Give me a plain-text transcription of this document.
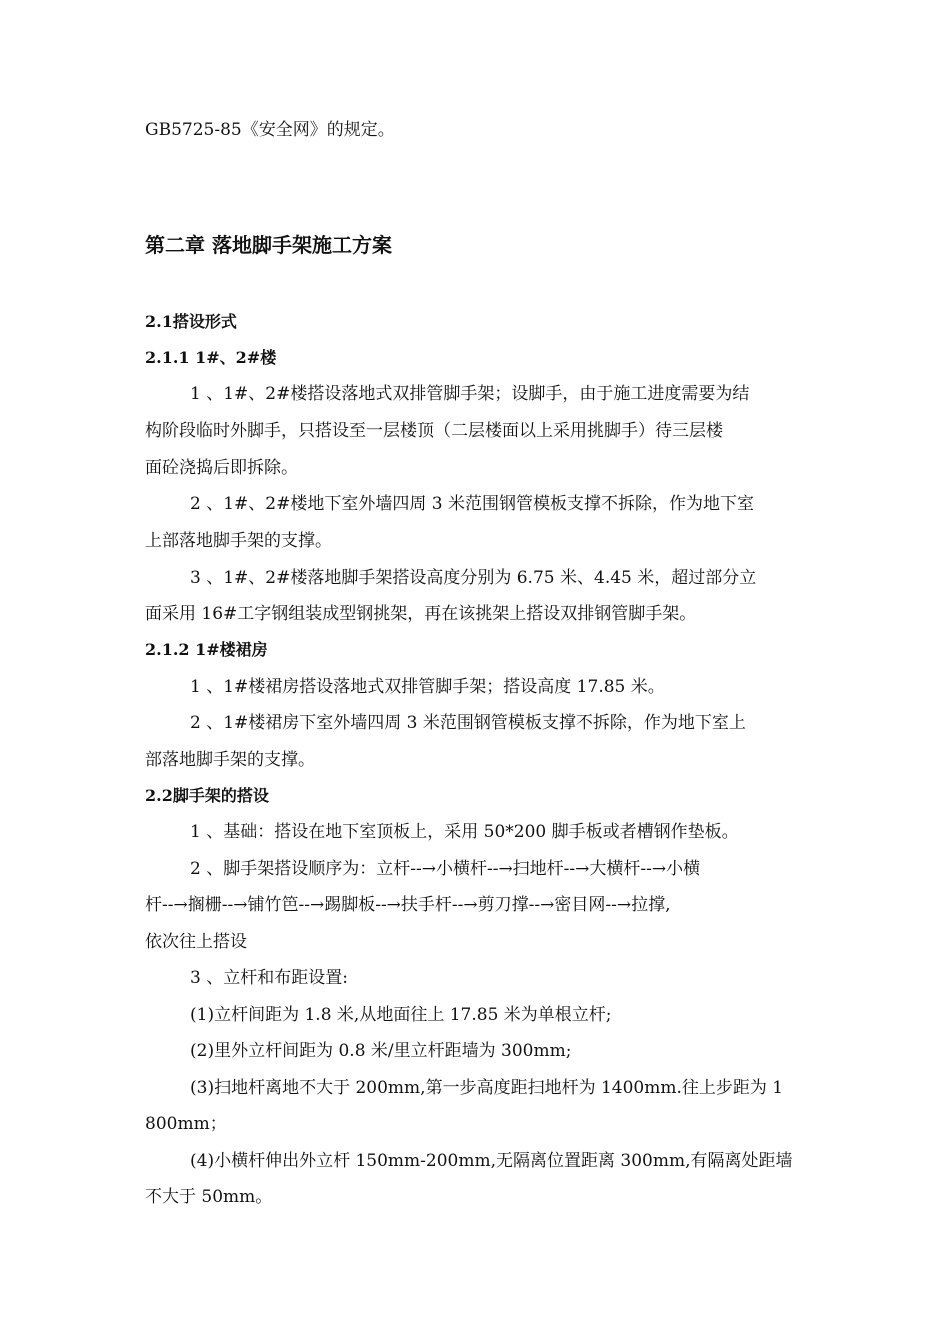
GB5725-85《安全网》的规定。
第二章 落地脚手架施工方案
2.1搭设形式
2.1.1 1#、2#楼
1 、1#、2#楼搭设落地式双排管脚手架；设脚手，由于施工进度需要为结
构阶段临时外脚手，只搭设至一层楼顶（二层楼面以上采用挑脚手）待三层楼
面砼浇捣后即拆除。
2 、1#、2#楼地下室外墙四周 3 米范围钢管模板支撑不拆除，作为地下室
上部落地脚手架的支撑。
3 、1#、2#楼落地脚手架搭设高度分别为 6.75 米、4.45 米，超过部分立
面采用 16#工字钢组装成型钢挑架，再在该挑架上搭设双排钢管脚手架。
2.1.2 1#楼裙房
1 、1#楼裙房搭设落地式双排管脚手架；搭设高度 17.85 米。
2 、1#楼裙房下室外墙四周 3 米范围钢管模板支撑不拆除，作为地下室上
部落地脚手架的支撑。
2.2脚手架的搭设
1 、基础：搭设在地下室顶板上，采用 50*200 脚手板或者槽钢作垫板。
2 、脚手架搭设顺序为：立杆--→小横杆--→扫地杆--→大横杆--→小横
杆--→搁栅--→铺竹笆--→踢脚板--→扶手杆--→剪刀撑--→密目网--→拉撑,
依次往上搭设
3 、立杆和布距设置:
(1)立杆间距为 1.8 米,从地面往上 17.85 米为单根立杆;
(2)里外立杆间距为 0.8 米/里立杆距墙为 300mm;
(3)扫地杆离地不大于 200mm,第一步高度距扫地杆为 1400mm.往上步距为 1
800mm；
(4)小横杆伸出外立杆 150mm-200mm,无隔离位置距离 300mm,有隔离处距墙
不大于 50mm。
